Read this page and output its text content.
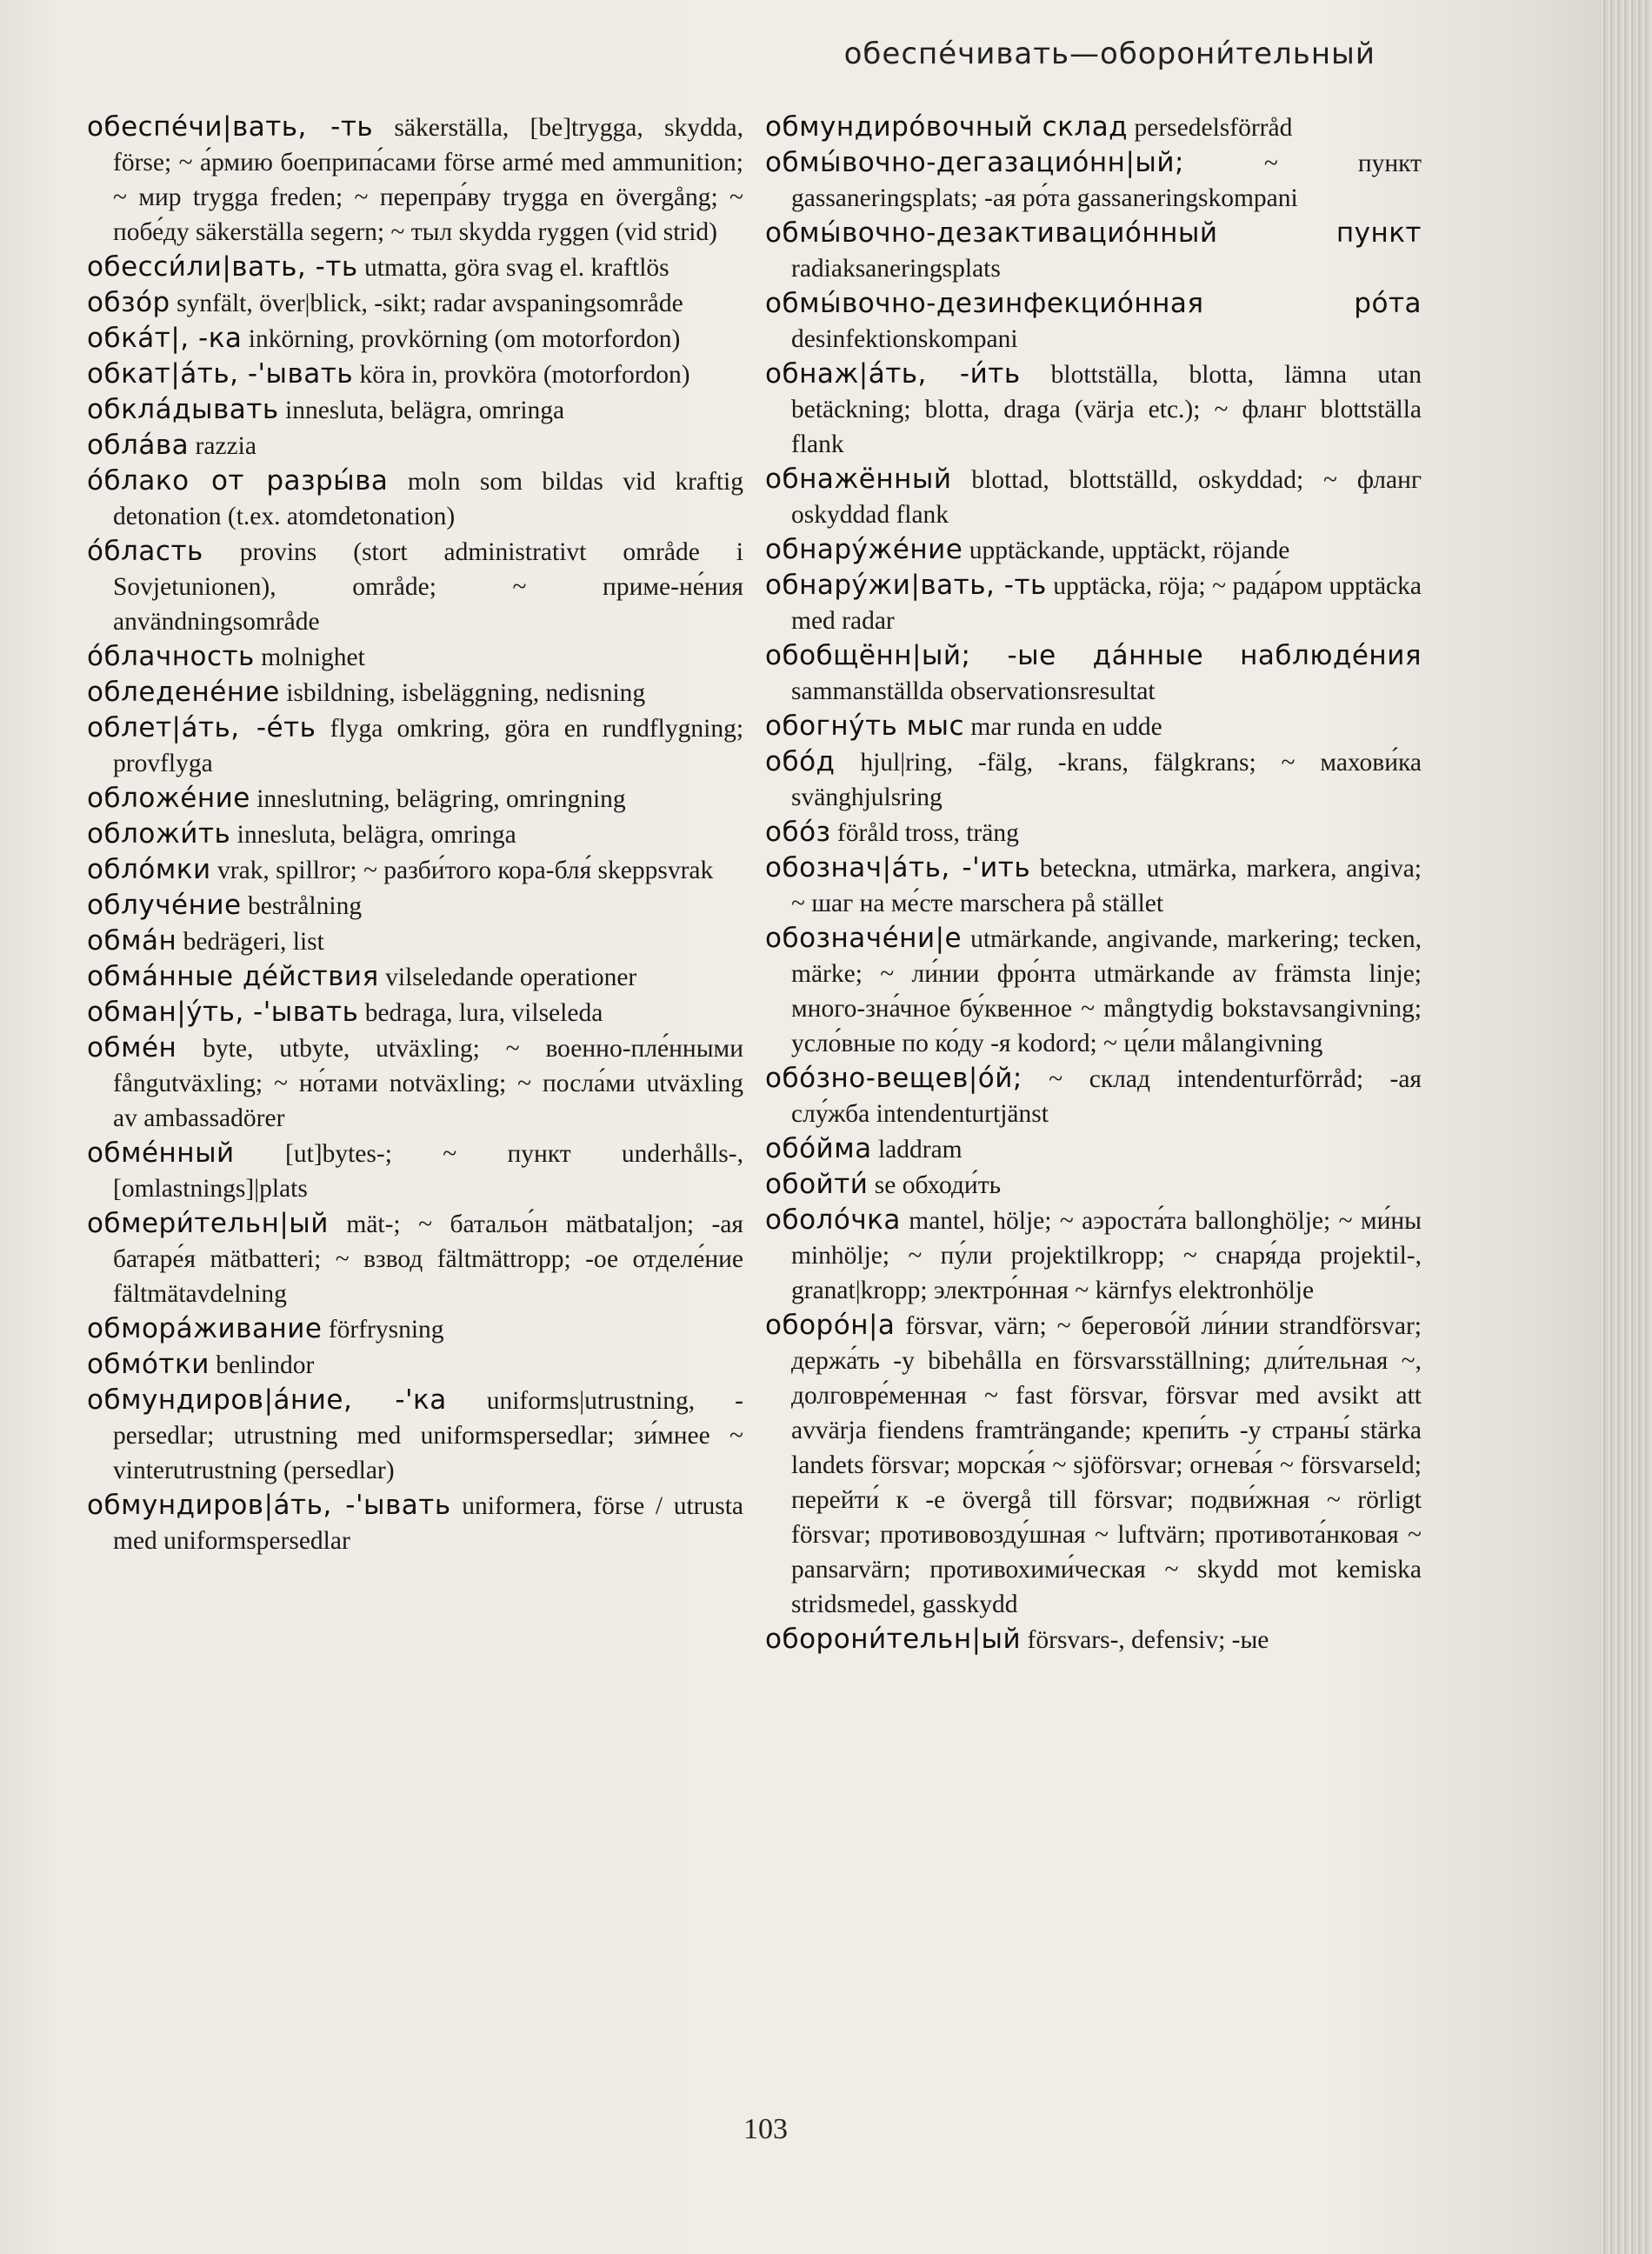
обеспе́чивать—оборони́тельный
обеспе́чи|вать, -ть säkerställa, [be]trygga, skydda, förse; ~ а́рмию боеприпа́сами förse armé med ammunition; ~ мир trygga freden; ~ перепра́ву trygga en övergång; ~ побе́ду säkerställa segern; ~ тыл skydda ryggen (vid strid)
обесси́ли|вать, -ть utmatta, göra svag el. kraftlös
обзо́р synfält, över|blick, -sikt; radar avspaningsområde
обка́т|, -ка inkörning, provkörning (om motorfordon)
обкат|а́ть, -'ывать köra in, provköra (motorfordon)
обкла́дывать innesluta, belägra, omringa
обла́ва razzia
о́блако от разры́ва moln som bildas vid kraftig detonation (t.ex. atomdetonation)
о́бласть provins (stort administrativt område i Sovjetunionen), område; ~ приме-не́ния användningsområde
о́блачность molnighet
обледене́ние isbildning, isbeläggning, nedisning
облет|а́ть, -е́ть flyga omkring, göra en rundflygning; provflyga
обложе́ние inneslutning, belägring, omringning
обложи́ть innesluta, belägra, omringa
обло́мки vrak, spillror; ~ разби́того кора-бля́ skeppsvrak
облуче́ние bestrålning
обма́н bedrägeri, list
обма́нные де́йствия vilseledande operationer
обман|у́ть, -'ывать bedraga, lura, vilseleda
обме́н byte, utbyte, utväxling; ~ военно-пле́нными fångutväxling; ~ но́тами notväxling; ~ посла́ми utväxling av ambassadörer
обме́нный [ut]bytes-; ~ пункт underhålls-, [omlastnings]|plats
обмери́тельн|ый mät-; ~ батальо́н mätbataljon; -ая батаре́я mätbatteri; ~ взвод fältmättropp; -ое отделе́ние fältmätavdelning
обмора́живание förfrysning
обмо́тки benlindor
обмундиров|а́ние, -'ка uniforms|utrustning, -persedlar; utrustning med uniformspersedlar; зи́мнее ~ vinterutrustning (persedlar)
обмундиров|а́ть, -'ывать uniformera, förse / utrusta med uniformspersedlar
обмундиро́вочный склад persedelsförråd
обмы́вочно-дегазацио́нн|ый; ~ пункт gassaneringsplats; -ая ро́та gassaneringskompani
обмы́вочно-дезактивацио́нный пункт radiaksaneringsplats
обмы́вочно-дезинфекцио́нная ро́та desinfektionskompani
обнаж|а́ть, -и́ть blottställa, blotta, lämna utan betäckning; blotta, draga (värja etc.); ~ фланг blottställa flank
обнажённый blottad, blottställd, oskyddad; ~ фланг oskyddad flank
обнару́же́ние upptäckande, upptäckt, röjande
обнару́жи|вать, -ть upptäcka, röja; ~ рада́ром upptäcka med radar
обобщённ|ый; -ые да́нные наблюде́ния sammanställda observationsresultat
обогну́ть мыс mar runda en udde
обо́д hjul|ring, -fälg, -krans, fälgkrans; ~ махови́ка svänghjulsring
обо́з föråld tross, träng
обознач|а́ть, -'ить beteckna, utmärka, markera, angiva; ~ шаг на ме́сте marschera på stället
обозначе́ни|е utmärkande, angivande, markering; tecken, märke; ~ ли́нии фро́нта utmärkande av främsta linje; много-зна́чное бу́квенное ~ mångtydig bokstavsangivning; усло́вные по ко́ду -я kodord; ~ це́ли målangivning
обо́зно-вещев|о́й; ~ склад intendenturförråd; -ая слу́жба intendenturtjänst
обо́йма laddram
обойти́ se обходи́ть
оболо́чка mantel, hölje; ~ аэроста́та ballonghölje; ~ ми́ны minhölje; ~ пу́ли projektilkropp; ~ снаря́да projektil-, granat|kropp; электро́нная ~ kärnfys elektronhölje
оборо́н|а försvar, värn; ~ берегово́й ли́нии strandförsvar; держа́ть -у bibehålla en försvarsställning; дли́тельная ~, долговре́менная ~ fast försvar, försvar med avsikt att avvärja fiendens framträngande; крепи́ть -у страны́ stärka landets försvar; морска́я ~ sjöförsvar; огнева́я ~ försvarseld; перейти́ к -е övergå till försvar; подви́жная ~ rörligt försvar; противовозду́шная ~ luftvärn; противота́нковая ~ pansarvärn; противохими́ческая ~ skydd mot kemiska stridsmedel, gasskydd
оборони́тельн|ый försvars-, defensiv; -ые
103
